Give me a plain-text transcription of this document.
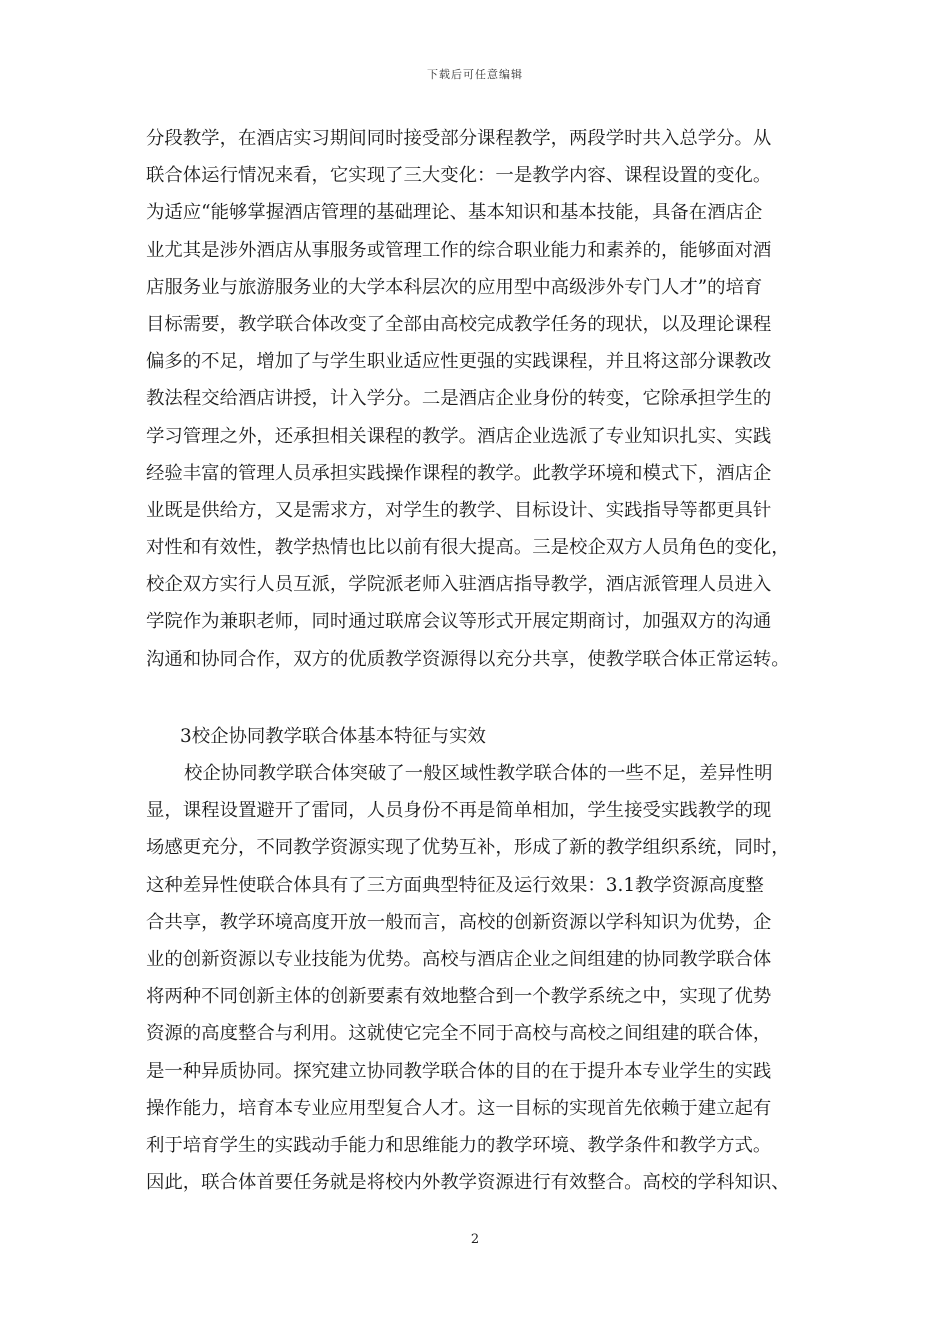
下载后可任意编辑
分段教学，在酒店实习期间同时接受部分课程教学，两段学时共入总学分。从
联合体运行情况来看，它实现了三大变化：一是教学内容、课程设置的变化。
为适应“能够掌握酒店管理的基础理论、基本知识和基本技能，具备在酒店企
业尤其是涉外酒店从事服务或管理工作的综合职业能力和素养的，能够面对酒
店服务业与旅游服务业的大学本科层次的应用型中高级涉外专门人才”的培育
目标需要，教学联合体改变了全部由高校完成教学任务的现状，以及理论课程
偏多的不足，增加了与学生职业适应性更强的实践课程，并且将这部分课教改
教法程交给酒店讲授，计入学分。二是酒店企业身份的转变，它除承担学生的
学习管理之外，还承担相关课程的教学。酒店企业选派了专业知识扎实、实践
经验丰富的管理人员承担实践操作课程的教学。此教学环境和模式下，酒店企
业既是供给方，又是需求方，对学生的教学、目标设计、实践指导等都更具针
对性和有效性，教学热情也比以前有很大提高。三是校企双方人员角色的变化，
校企双方实行人员互派，学院派老师入驻酒店指导教学，酒店派管理人员进入
学院作为兼职老师，同时通过联席会议等形式开展定期商讨，加强双方的沟通
沟通和协同合作，双方的优质教学资源得以充分共享，使教学联合体正常运转。
3校企协同教学联合体基本特征与实效
校企协同教学联合体突破了一般区域性教学联合体的一些不足，差异性明
显，课程设置避开了雷同，人员身份不再是简单相加，学生接受实践教学的现
场感更充分，不同教学资源实现了优势互补，形成了新的教学组织系统，同时，
这种差异性使联合体具有了三方面典型特征及运行效果：3.1教学资源高度整
合共享，教学环境高度开放一般而言，高校的创新资源以学科知识为优势，企
业的创新资源以专业技能为优势。高校与酒店企业之间组建的协同教学联合体
将两种不同创新主体的创新要素有效地整合到一个教学系统之中，实现了优势
资源的高度整合与利用。这就使它完全不同于高校与高校之间组建的联合体，
是一种异质协同。探究建立协同教学联合体的目的在于提升本专业学生的实践
操作能力，培育本专业应用型复合人才。这一目标的实现首先依赖于建立起有
利于培育学生的实践动手能力和思维能力的教学环境、教学条件和教学方式。
因此，联合体首要任务就是将校内外教学资源进行有效整合。高校的学科知识、
2
